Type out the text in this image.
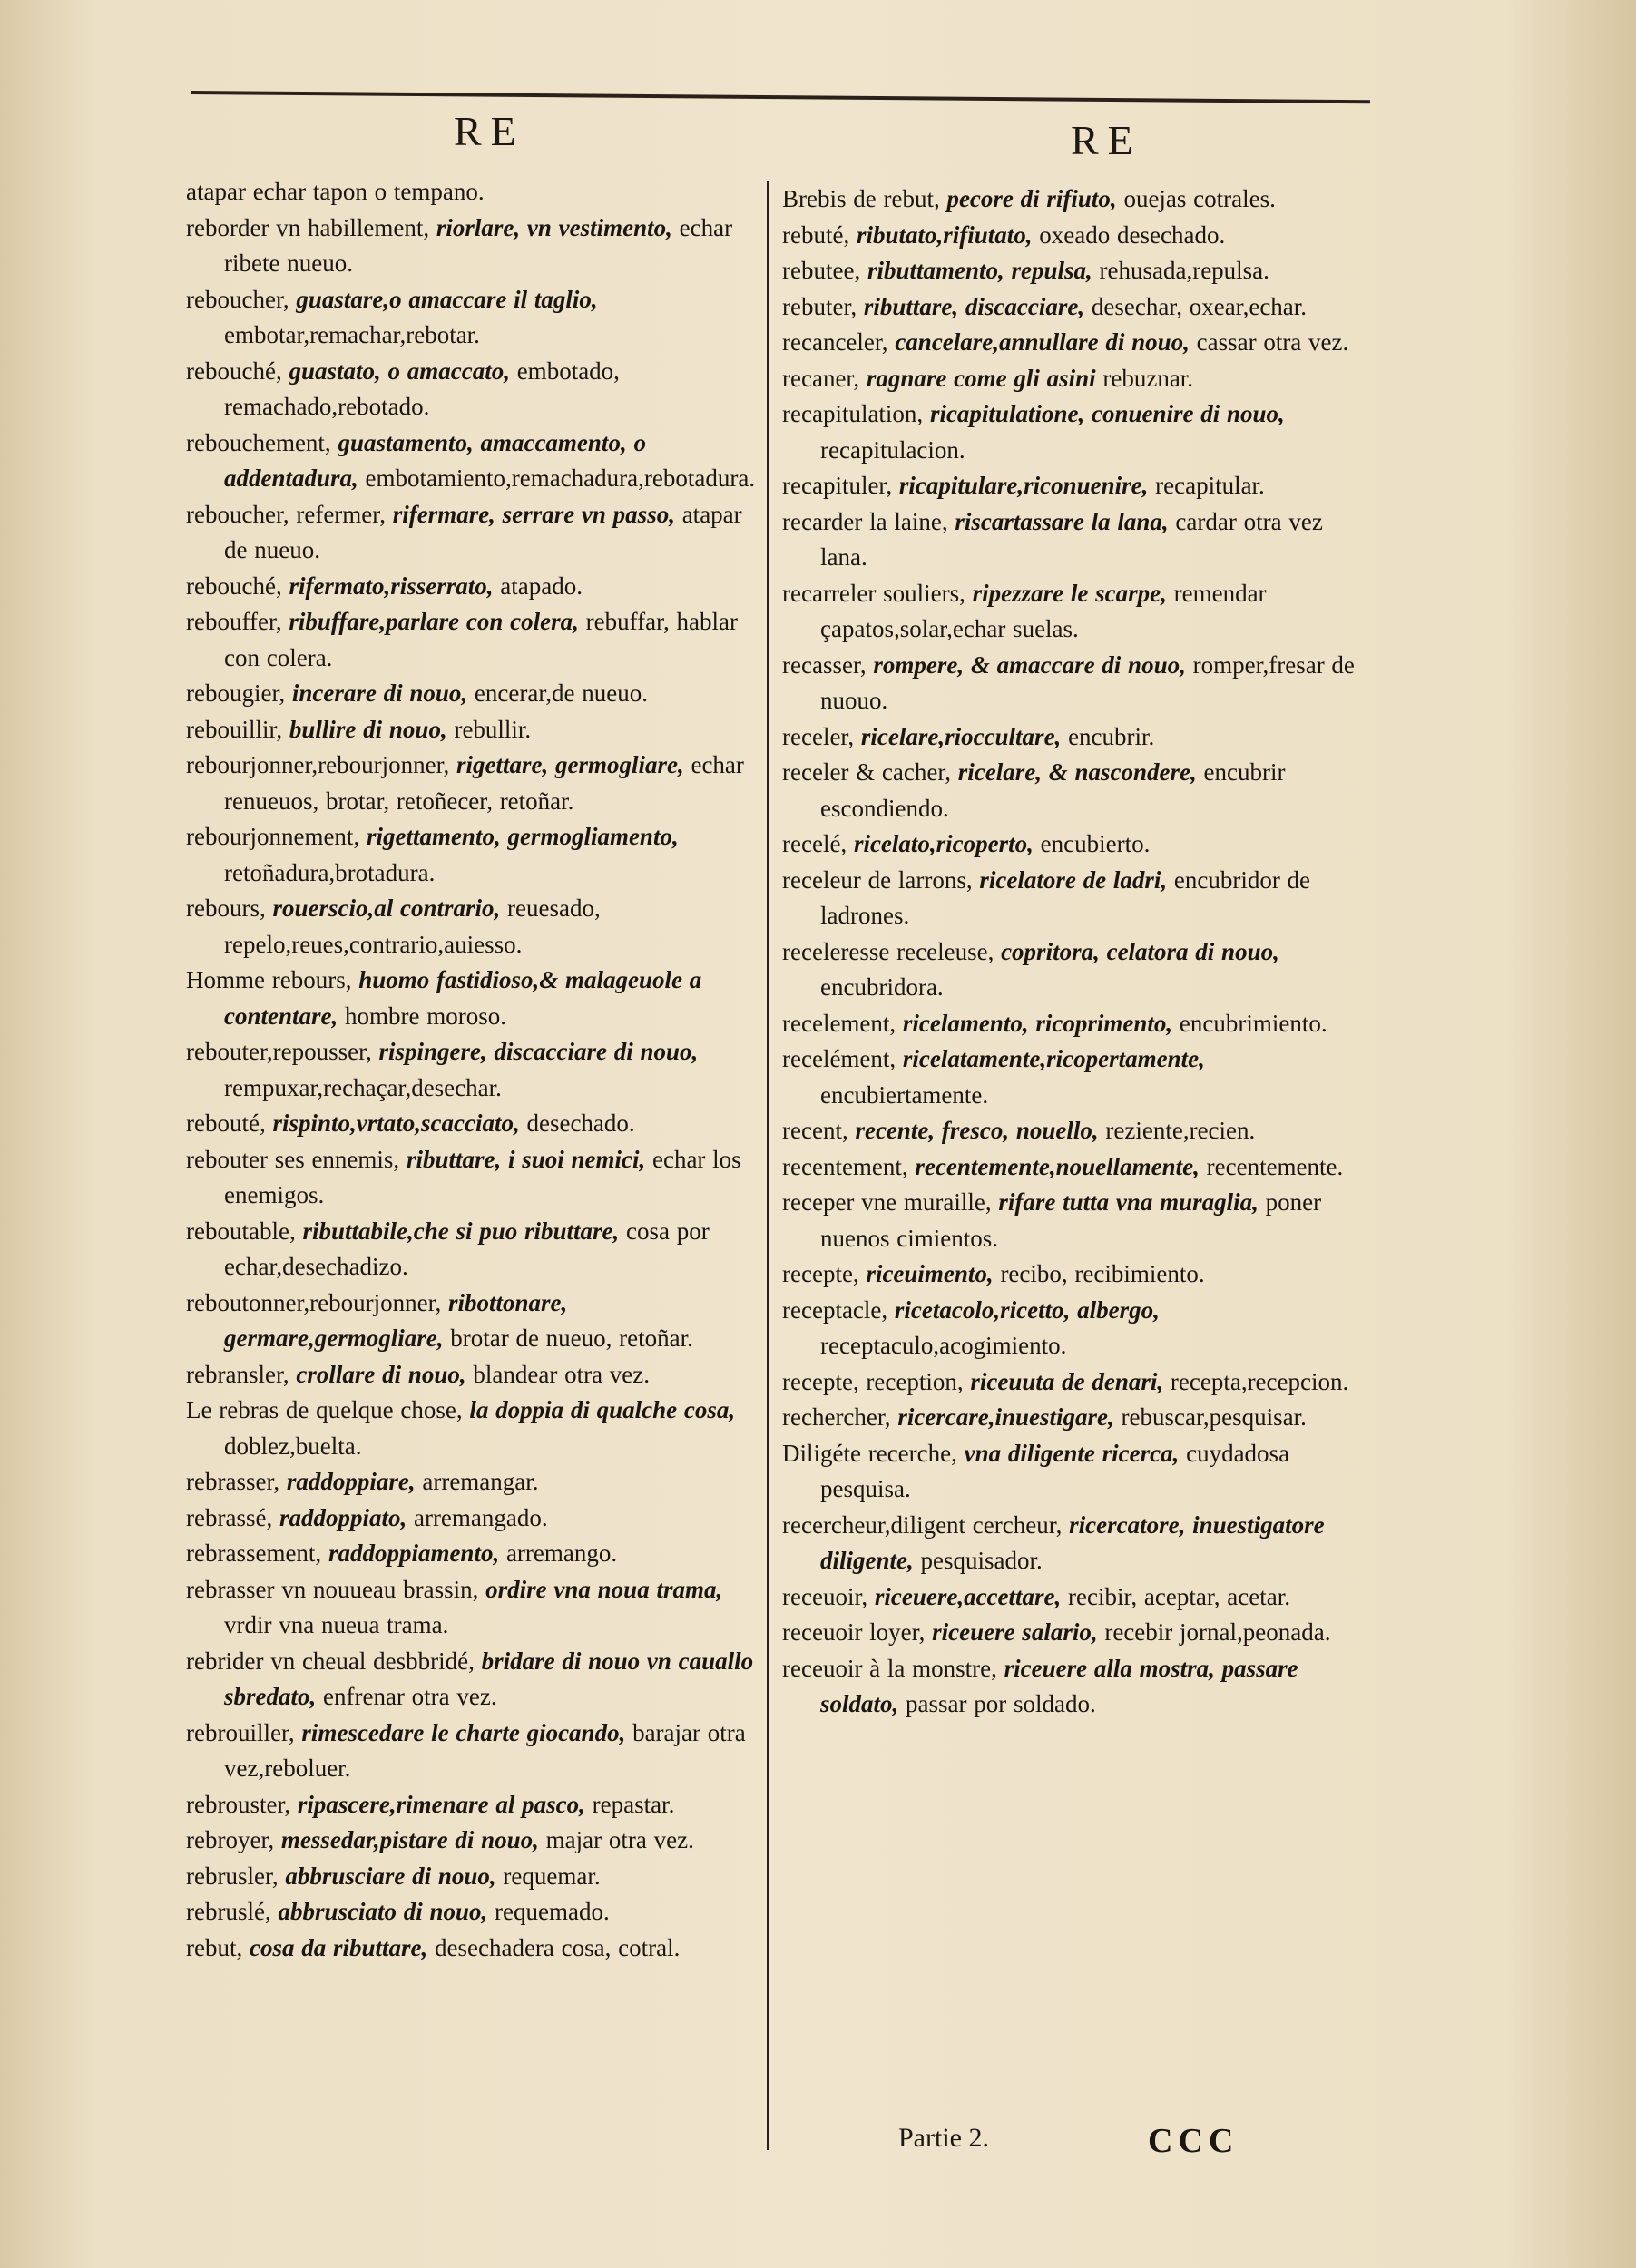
RE	RE

atapar echar tapon o tempano.

reborder vn habillement, riorlare, vn vestimento, echar ribete nueuo.

reboucher, guastare,o amaccare il taglio, embotar,remachar,rebotar.

rebouché, guastato, o amaccato, embotado, remachado,rebotado.

rebouchement, guastamento, amaccamento, o addentadura, embotamiento,remachadura,rebotadura.

reboucher, refermer, rifermare, serrare vn passo, atapar de nueuo.

rebouché, rifermato,risserrato, atapado.

rebouffer, ribuffare,parlare con colera, rebuffar, hablar con colera.

rebougier, incerare di nouo, encerar,de nueuo.

rebouillir, bullire di nouo, rebullir.

rebourjonner,rebourjonner, rigettare, germogliare, echar renueuos, brotar, retoñecer, retoñar.

rebourjonnement, rigettamento, germogliamento, retoñadura,brotadura.

rebours, rouerscio,al contrario, reuesado, repelo,reues,contrario,auiesso.

Homme rebours, huomo fastidioso,& malageuole a contentare, hombre moroso.

rebouter,repousser, rispingere, discacciare di nouo, rempuxar,rechaçar,desechar.

rebouté, rispinto,vrtato,scacciato, desechado.

rebouter ses ennemis, ributtare, i suoi nemici, echar los enemigos.

reboutable, ributtabile,che si puo ributtare, cosa por echar,desechadizo.

reboutonner,rebourjonner, ribottonare, germare,germogliare, brotar de nueuo, retoñar.

rebransler, crollare di nouo, blandear otra vez.

Le rebras de quelque chose, la doppia di qualche cosa, doblez,buelta.

rebrasser, raddoppiare, arremangar.

rebrassé, raddoppiato, arremangado.

rebrassement, raddoppiamento, arremango.

rebrasser vn nouueau brassin, ordire vna noua trama, vrdir vna nueua trama.

rebrider vn cheual desbbridé, bridare di nouo vn cauallo sbredato, enfrenar otra vez.

rebrouiller, rimescedare le charte giocando, barajar otra vez,reboluer.

rebrouster, ripascere,rimenare al pasco, repastar.

rebroyer, messedar,pistare di nouo, majar otra vez.

rebrusler, abbrusciare di nouo, requemar.

rebruslé, abbrusciato di nouo, requemado.

rebut, cosa da ributtare, desechadera cosa, cotral.

Brebis de rebut, pecore di rifiuto, ouejas cotrales.

rebuté, ributato,rifiutato, oxeado desechado.

rebutee, ributtamento, repulsa, rehusada,repulsa.

rebuter, ributtare, discacciare, desechar, oxear,echar.

recanceler, cancelare,annullare di nouo, cassar otra vez.

recaner, ragnare come gli asini rebuznar.

recapitulation, ricapitulatione, conuenire di nouo, recapitulacion.

recapituler, ricapitulare,riconuenire, recapitular.

recarder la laine, riscartassare la lana, cardar otra vez lana.

recarreler souliers, ripezzare le scarpe, remendar çapatos,solar,echar suelas.

recasser, rompere, & amaccare di nouo, romper,fresar de nuouo.

receler, ricelare,rioccultare, encubrir.

receler & cacher, ricelare, & nascondere, encubrir escondiendo.

recelé, ricelato,ricoperto, encubierto.

receleur de larrons, ricelatore de ladri, encubridor de ladrones.

receleresse receleuse, copritora, celatora di nouo, encubridora.

recelement, ricelamento, ricoprimento, encubrimiento.

recelément, ricelatamente,ricopertamente, encubiertamente.

recent, recente, fresco, nouello, reziente,recien.

recentement, recentemente,nouellamente, recentemente.

receper vne muraille, rifare tutta vna muraglia, poner nuenos cimientos.

recepte, riceuimento, recibo, recibimiento.

receptacle, ricetacolo,ricetto, albergo, receptaculo,acogimiento.

recepte, reception, riceuuta de denari, recepta,recepcion.

rechercher, ricercare,inuestigare, rebuscar,pesquisar.

Diligéte recerche, vna diligente ricerca, cuydadosa pesquisa.

recercheur,diligent cercheur, ricercatore, inuestigatore diligente, pesquisador.

receuoir, riceuere,accettare, recibir, aceptar, acetar.

receuoir loyer, riceuere salario, recebir jornal,peonada.

receuoir à la monstre, riceuere alla mostra, passare soldato, passar por soldado.

Partie 2.	CCC
